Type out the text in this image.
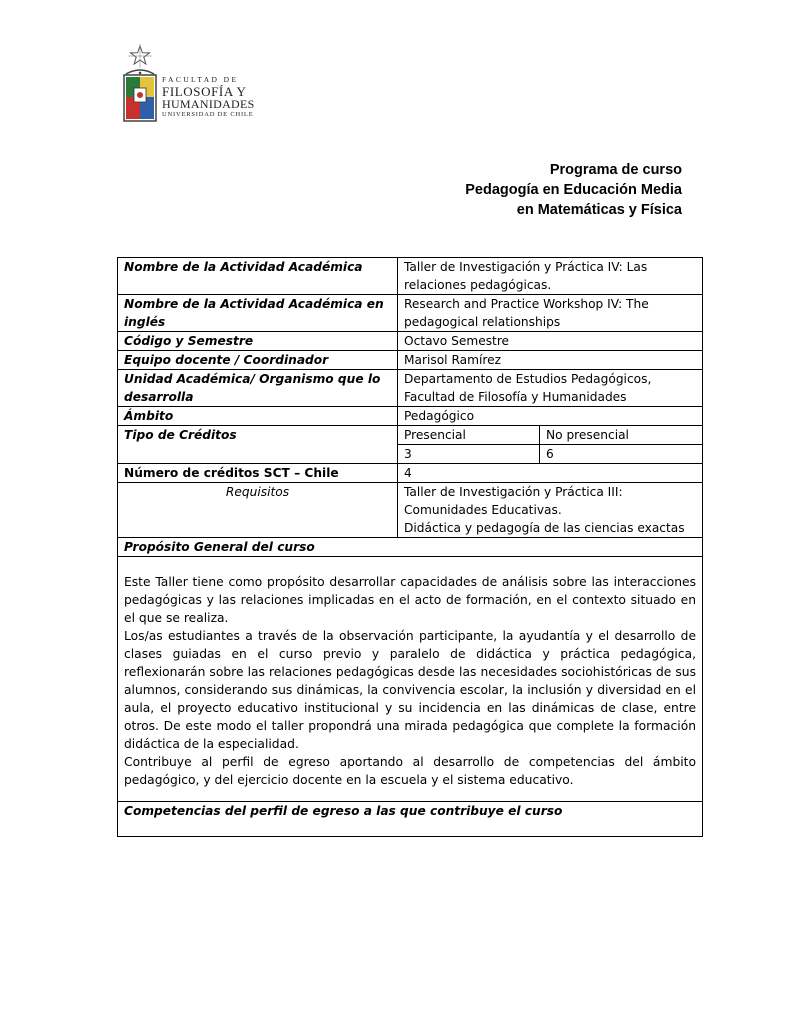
◆
FACULTAD DE
FILOSOFÍA Y
HUMANIDADES
UNIVERSIDAD DE CHILE
Programa de curso
Pedagogía en Educación Media
en Matemáticas y Física
Nombre de la Actividad Académica	Taller de Investigación y Práctica IV: Las relaciones pedagógicas.	
Nombre de la Actividad Académica en inglés	Research and Practice Workshop IV: The pedagogical relationships	
Código y Semestre	Octavo Semestre	
Equipo docente / Coordinador	Marisol Ramírez	
Unidad Académica/ Organismo que lo desarrolla	Departamento de Estudios Pedagógicos, Facultad de Filosofía y Humanidades	
Ámbito	Pedagógico	
Tipo de Créditos	Presencial	No presencial
	3	6
Número de créditos SCT – Chile	4	
Requisitos	Taller de Investigación y Práctica III: Comunidades Educativas.
Didáctica y pedagogía de las ciencias exactas	

Propósito General del curso		

Este Taller tiene como propósito desarrollar capacidades de análisis sobre las interacciones pedagógicas y las relaciones implicadas en el acto de formación, en el contexto situado en el que se realiza.

Los/as estudiantes a través de la observación participante, la ayudantía y el desarrollo de clases guiadas en el curso previo y paralelo de didáctica y práctica pedagógica, reflexionarán sobre las relaciones pedagógicas desde las necesidades sociohistóricas de sus alumnos, considerando sus dinámicas, la convivencia escolar, la inclusión y diversidad en el aula, el proyecto educativo institucional y su incidencia en las dinámicas de clase, entre otros. De este modo el taller propondrá una mirada pedagógica que complete la formación didáctica de la especialidad.

Contribuye al perfil de egreso aportando al desarrollo de competencias del ámbito pedagógico, y del ejercicio docente en la escuela y el sistema educativo.		

Competencias del perfil de egreso a las que contribuye el curso		
